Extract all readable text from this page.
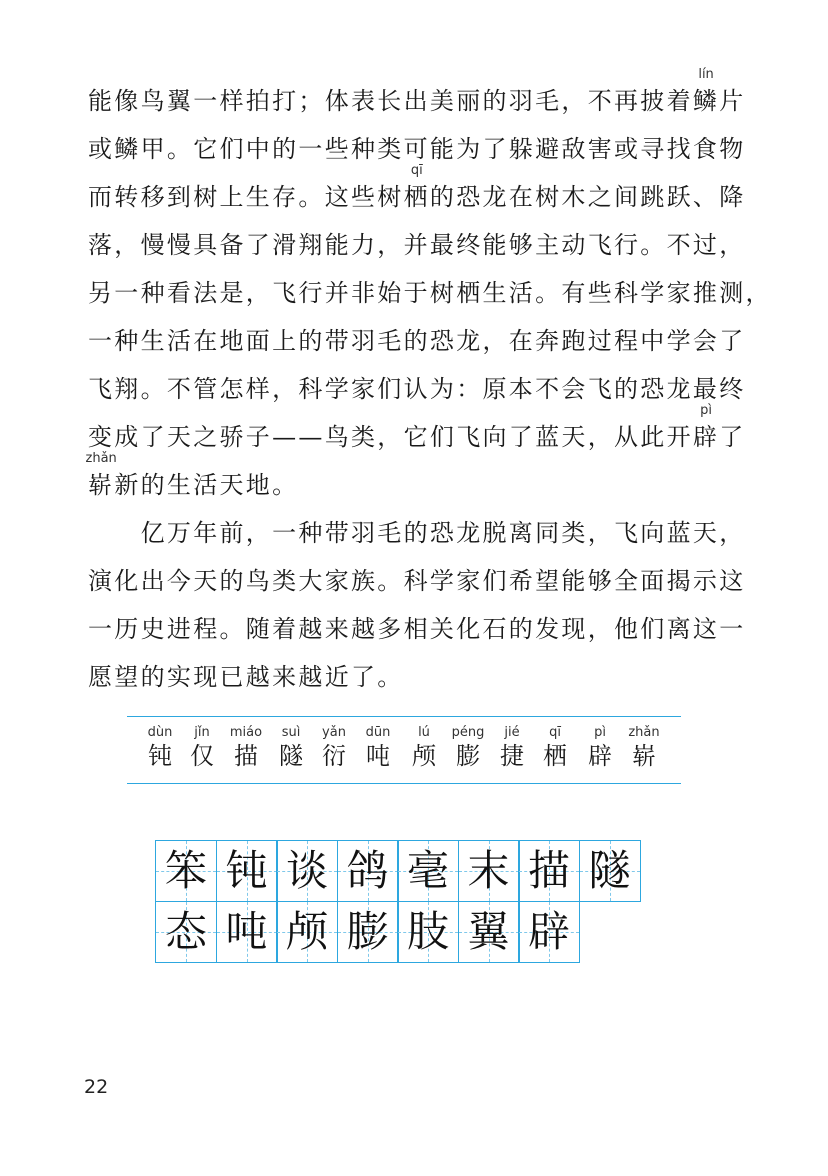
能像鸟翼一样拍打；体表长出美丽的羽毛，不再披着鳞
lín
片
或鳞甲。它们中的一些种类可能为了躲避敌害或寻找食物
而转移到树上生存。这些树栖
qī
的恐龙在树木之间跳跃、降
落，慢慢具备了滑翔能力，并最终能够主动飞行。不过，
另一种看法是，飞行并非始于树栖生活。有些科学家推测，
一种生活在地面上的带羽毛的恐龙，在奔跑过程中学会了
飞翔。不管怎样，科学家们认为：原本不会飞的恐龙最终
变成了天之骄子——鸟类，它们飞向了蓝天，从此开辟
pì
了
崭
zhǎn
新的生活天地。
　　亿万年前，一种带羽毛的恐龙脱离同类，飞向蓝天，
演化出今天的鸟类大家族。科学家们希望能够全面揭示这
一历史进程。随着越来越多相关化石的发现，他们离这一
愿望的实现已越来越近了。
dùn
钝
jǐn
仅
miáo
描
suì
隧
yǎn
衍
dūn
吨
lú
颅
péng
膨
jié
捷
qī
栖
pì
辟
zhǎn
崭
笨 钝 谈 鸽 毫 末 描 隧
态 吨 颅 膨 肢 翼 辟
22
